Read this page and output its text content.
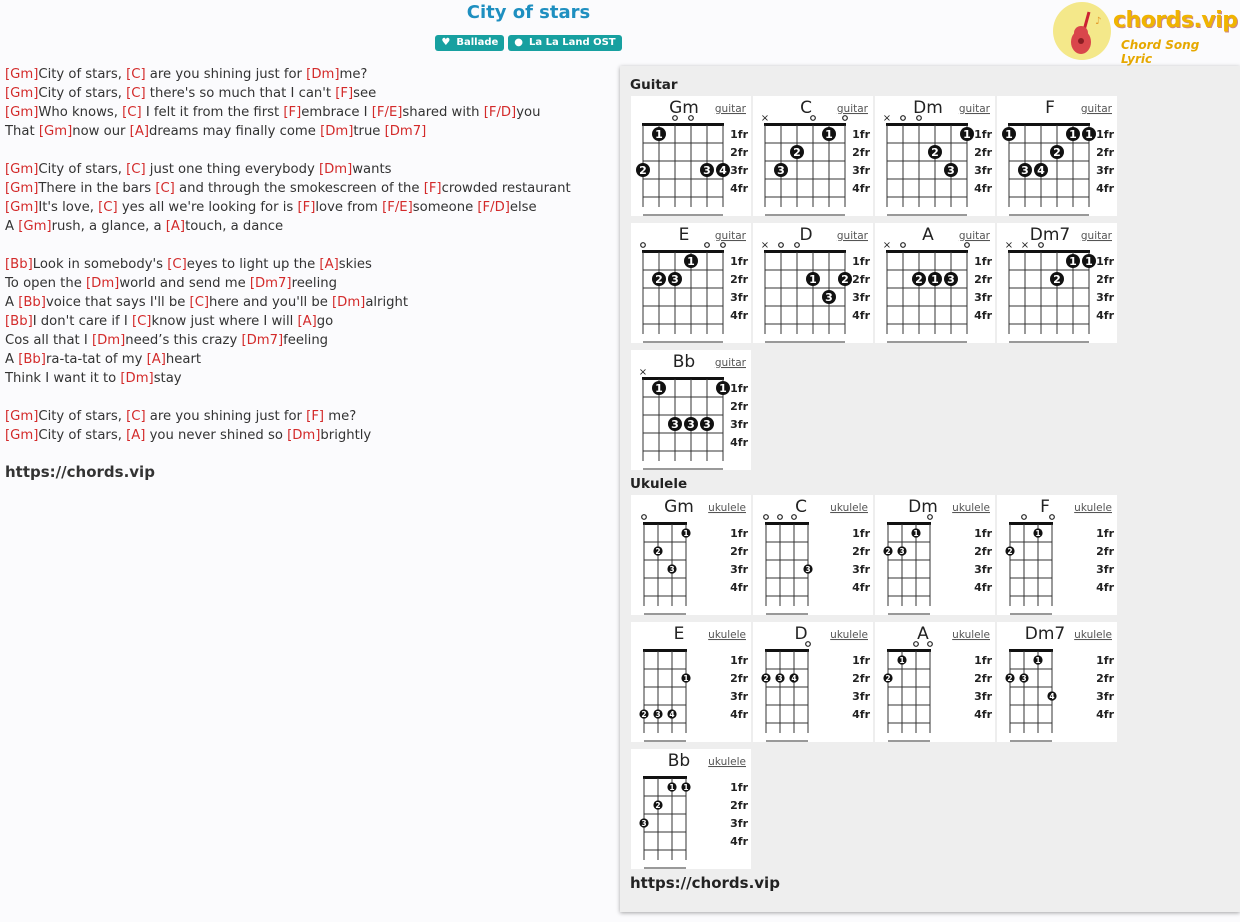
City of stars
♥ Ballade ● La La Land OST
♪ chords.vip
Chord Song Lyric
[Gm]City of stars, [C] are you shining just for [Dm]me?
[Gm]City of stars, [C] there's so much that I can't [F]see
[Gm]Who knows, [C] I felt it from the first [F]embrace I [F/E]shared with [F/D]you
That [Gm]now our [A]dreams may finally come [Dm]true [Dm7]
[Gm]City of stars, [C] just one thing everybody [Dm]wants
[Gm]There in the bars [C] and through the smokescreen of the [F]crowded restaurant
[Gm]It's love, [C] yes all we're looking for is [F]love from [F/E]someone [F/D]else
A [Gm]rush, a glance, a [A]touch, a dance
[Bb]Look in somebody's [C]eyes to light up the [A]skies
To open the [Dm]world and send me [Dm7]reeling
A [Bb]voice that says I'll be [C]here and you'll be [Dm]alright
[Bb]I don't care if I [C]know just where I will [A]go
Cos all that I [Dm]need’s this crazy [Dm7]feeling
A [Bb]ra-ta-tat of my [A]heart
Think I want it to [Dm]stay
[Gm]City of stars, [C] are you shining just for [F] me?
[Gm]City of stars, [A] you never shined so [Dm]brightly
https://chords.vip
Guitar
Ukulele
https://chords.vip
Gm guitar
1fr
2fr
3fr
4fr
1
2	3 4
C guitar
1fr
2fr
3fr
4fr
×
1
2
3
Dm guitar
1fr
2fr
3fr
4fr
×
1
2
3
F guitar
1fr
2fr
3fr
4fr
1	1 1
2
3 4
E guitar
1fr
2fr
3fr
4fr
1
2 3
D guitar
1fr
2fr
3fr
4fr
×
1 2
3
A guitar
1fr
2fr
3fr
4fr
×
2 1 3
Dm7 guitar
1fr
2fr
3fr
4fr
× ×
1 1
2
Bb guitar
1fr
2fr
3fr
4fr
×
1	1
3 3 3
Gm ukulele
1fr
2fr
3fr
4fr
1
2
3
C ukulele
1fr
2fr
3fr
4fr
3
Dm ukulele
1fr
2fr
3fr
4fr
1
2 3
F ukulele
1fr
2fr
3fr
4fr
1
2
E ukulele
1fr
2fr
3fr
4fr
1
2 3 4
D ukulele
1fr
2fr
3fr
4fr
2 3 4
A ukulele
1fr
2fr
3fr
4fr
1
2
Dm7 ukulele
1fr
2fr
3fr
4fr
1
2 3
4
Bb ukulele
1fr
2fr
3fr
4fr
1 1
2
3
